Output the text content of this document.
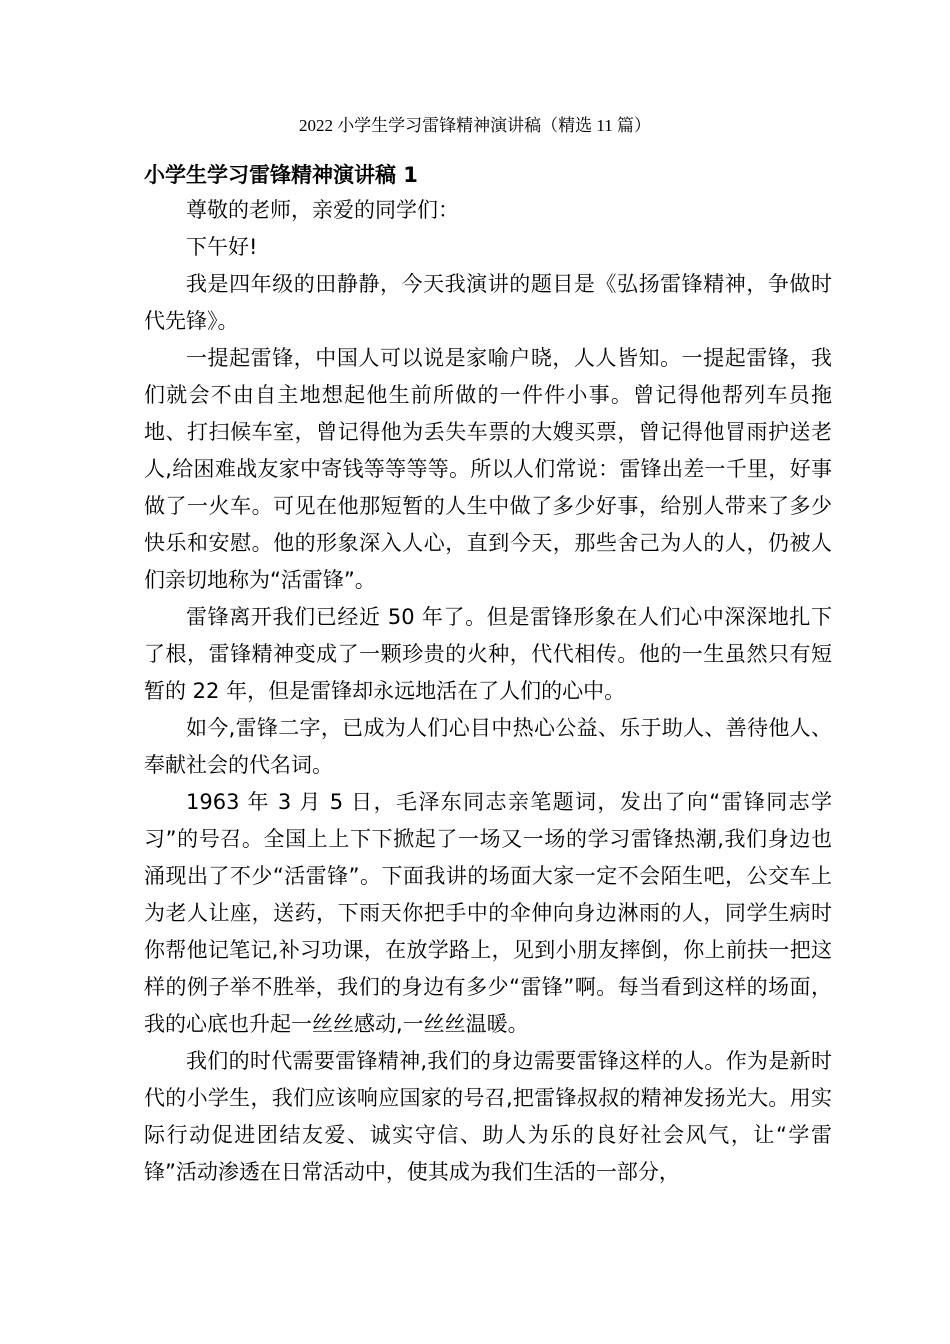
2022 小学生学习雷锋精神演讲稿（精选 11 篇）
小学生学习雷锋精神演讲稿 1

尊敬的老师，亲爱的同学们：

下午好!

我是四年级的田静静，今天我演讲的题目是《弘扬雷锋精神，争做时代先锋》。

一提起雷锋，中国人可以说是家喻户晓，人人皆知。一提起雷锋，我们就会不由自主地想起他生前所做的一件件小事。曾记得他帮列车员拖地、打扫候车室，曾记得他为丢失车票的大嫂买票，曾记得他冒雨护送老人,给困难战友家中寄钱等等等等。所以人们常说：雷锋出差一千里，好事做了一火车。可见在他那短暂的人生中做了多少好事，给别人带来了多少快乐和安慰。他的形象深入人心，直到今天，那些舍己为人的人，仍被人们亲切地称为“活雷锋”。

雷锋离开我们已经近 50 年了。但是雷锋形象在人们心中深深地扎下了根，雷锋精神变成了一颗珍贵的火种，代代相传。他的一生虽然只有短暂的 22 年，但是雷锋却永远地活在了人们的心中。

如今,雷锋二字，已成为人们心目中热心公益、乐于助人、善待他人、奉献社会的代名词。

1963 年 3 月 5 日，毛泽东同志亲笔题词，发出了向“雷锋同志学习”的号召。全国上上下下掀起了一场又一场的学习雷锋热潮,我们身边也涌现出了不少“活雷锋”。下面我讲的场面大家一定不会陌生吧，公交车上为老人让座，送药，下雨天你把手中的伞伸向身边淋雨的人，同学生病时你帮他记笔记,补习功课，在放学路上，见到小朋友摔倒，你上前扶一把这样的例子举不胜举，我们的身边有多少“雷锋”啊。每当看到这样的场面，我的心底也升起一丝丝感动,一丝丝温暖。

我们的时代需要雷锋精神,我们的身边需要雷锋这样的人。作为是新时代的小学生，我们应该响应国家的号召,把雷锋叔叔的精神发扬光大。用实际行动促进团结友爱、诚实守信、助人为乐的良好社会风气，让“学雷锋”活动渗透在日常活动中，使其成为我们生活的一部分，
